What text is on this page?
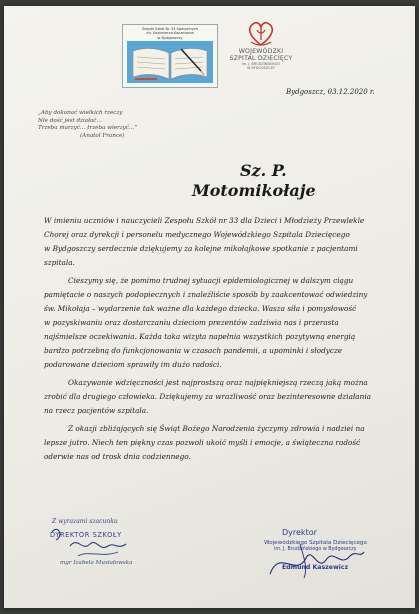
Zespół Szkół Nr 33 Specjalnych
im. Kazimierza Kaczmarka
w Bydgoszczy
WOJEWÓDZKI SZPITAL DZIECIĘCY
im. J. BRUDZIŃSKIEGO
W BYDGOSZCZY
Bydgoszcz, 03.12.2020 r.
„Aby dokonać wielkich rzeczy
Nie dość jest działać…
Trzeba marzyć… trzeba wierzyć…”
(Anatol France)
Sz. P.
Motomikołaje

W imieniu uczniów i nauczycieli Zespołu Szkół nr 33 dla Dzieci i Młodzieży Przewlekle
Chorej oraz dyrekcji i personelu medycznego Wojewódzkiego Szpitala Dziecięcego
w Bydgoszczy serdecznie dziękujemy za kolejne mikołajkowe spotkanie z pacjentami
szpitala.

Cieszymy się, że pomimo trudnej sytuacji epidemiologicznej w dalszym ciągu
pamiętacie o naszych podopiecznych i znaleźliście sposób by zaakcentować odwiedziny
św. Mikołaja – wydarzenie tak ważne dla każdego dziecka. Wasza siła i pomysłowość
w pozyskiwaniu oraz dostarczaniu dzieciom prezentów zadziwia nas i przerasta
najśmielsze oczekiwania. Każda taka wizyta napełnia wszystkich pozytywną energią
bardzo potrzebną do funkcjonowania w czasach pandemii, a upominki i słodycze
podarowane dzieciom sprawiły im dużo radości.

Okazywanie wdzięczności jest najprostszą oraz najpiękniejszą rzeczą jaką można
zrobić dla drugiego człowieka. Dziękujemy za wrażliwość oraz bezinteresowne działania
na rzecz pacjentów szpitala.

Z okazji zbliżających się Świąt Bożego Narodzenia życzymy zdrowia i nadziei na
lepsze jutro. Niech ten piękny czas pozwoli ukoić myśli i emocje, a świąteczna radość
oderwie nas od trosk dnia codziennego.

Z wyrazami szacunku
DYREKTOR SZKOŁY
mgr Izabela Musiałowska
Dyrektor
Wojewódzkiego Szpitala Dziecięcego
im. J. Brudzińskiego w Bydgoszczy
Edmund Kaszewicz
